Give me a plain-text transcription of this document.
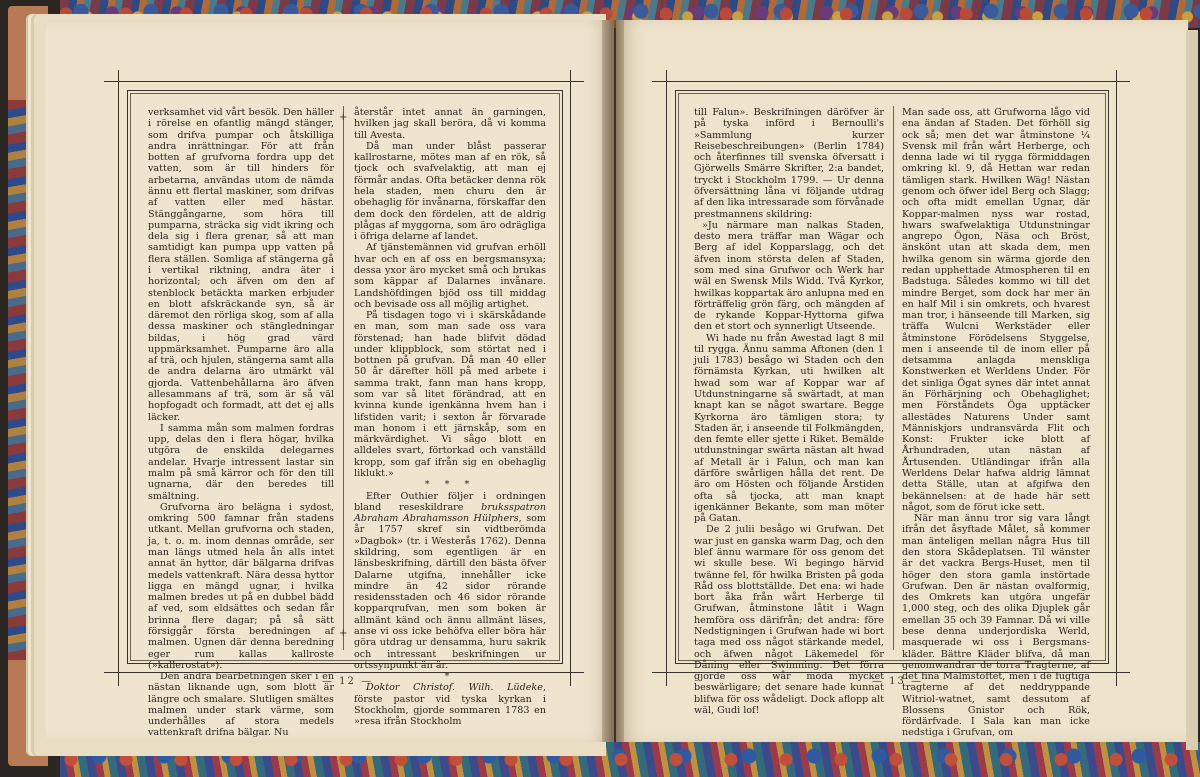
+
+

verksamhet vid vårt besök. Den häller i rörelse en ofantlig mängd stänger, som drifva pumpar och åtskilliga andra inrättningar. För att från botten af grufvorna fordra upp det vatten, som är till hinders för arbetarna, användas utom de nämda ännu ett flertal maskiner, som drifvas af vatten eller med hästar. Stänggångarne, som höra till pumparna, sträcka sig vidt ikring och dela sig i flera grenar, så att man samtidigt kan pumpa upp vatten på flera ställen. Somliga af stängerna gå i vertikal riktning, andra äter i horizontal; och äfven om den af stenblock betäckta marken erbjuder en blott afskräckande syn, så är däremot den rörliga skog, som af alla dessa maskiner och stängledningar bildas, i hög grad värd uppmärksamhet. Pumparne äro alla af trä, och hjulen, stängerna samt alla de andra delarna äro utmärkt väl gjorda. Vattenbehållarna äro äfven allesammans af trä, som är så väl hopfogadt och formadt, att det ej alls läcker.

I samma mån som malmen fordras upp, delas den i flera högar, hvilka utgöra de enskilda delegarnes andelar. Hvarje intressent lastar sin malm på små kärror och för den till ugnarna, där den beredes till smältning.

Grufvorna äro belägna i sydost, omkring 500 famnar från stadens utkant. Mellan grufvorna och staden, ja, t. o. m. inom dennas område, ser man längs utmed hela ån alls intet annat än hyttor, där bälgarna drifvas medels vattenkraft. Nära dessa hyttor ligga en mängd ugnar, i hvilka malmen bredes ut på en dubbel bädd af ved, som eldsättes och sedan får brinna flere dagar; på så sätt försiggår första beredningen af malmen. Ugnen där denna beredning eger rum kallas kallroste (»kallerostat»).

Den andra bearbetningen sker i en nästan liknande ugn, som blott är längre och smalare. Slutligen smältes malmen under stark värme, som underhålles af stora medels vattenkraft drifna bälgar. Nu

återstår intet annat än garningen, hvilken jag skall beröra, då vi komma till Avesta.

Då man under blåst passerar kallrostarne, mötes man af en rök, så tjock och svafvelaktig, att man ej förmår andas. Ofta betäcker denna rök hela staden, men churu den är obehaglig för invånarna, förskaffar den dem dock den fördelen, att de aldrig plågas af myggorna, som äro odrägliga i öfriga delarne af landet.

Af tjänstemännen vid grufvan erhöll hvar och en af oss en bergsmansyxa; dessa yxor äro mycket små och brukas som käppar af Dalarnes invånare. Landshöfdingen bjöd oss till middag och bevisade oss all möjlig artighet.

På tisdagen togo vi i skärskådande en man, som man sade oss vara förstenad; han hade blifvit dödad under klippblock, som störtat ned i bottnen på grufvan. Då man 40 eller 50 år därefter höll på med arbete i samma trakt, fann man hans kropp, som var så litet förändrad, att en kvinna kunde igenkänna hvem han i lifstiden varit; i sexton år förvarade man honom i ett järnskåp, som en märkvärdighet. Vi sågo blott en alldeles svart, förtorkad och vanställd kropp, som gaf ifrån sig en obehaglig liklukt.»

* * *

Efter Outhier följer i ordningen bland reseskildrare bruksspatron Abraham Abrahamsson Hülphers, som år 1757 skref sin vidtberömda »Dagbok» (tr. i Westerås 1762). Denna skildring, som egentligen är en länsbeskrifning, därtill den bästa öfver Dalarne utgifna, innehåller icke mindre än 42 sidor rörande residensstaden och 46 sidor rörande kopparqrufvan, men som boken är allmänt känd och ännu allmänt läses, anse vi oss icke behöfva eller böra här göra utdrag ur densamma, huru sakrik och intressant beskrifningen ur ortssynpunkt än är.

*

Doktor Christof. Wilh. Lüdeke, förste pastor vid tyska kyrkan i Stockholm, gjorde sommaren 1783 en »resa ifrån Stockholm

— 12 —

till Falun». Beskrifningen däröfver är på tyska införd i Bernoulli's »Sammlung kurzer Reisebeschreibungen» (Berlin 1784) och återfinnes till svenska öfversatt i Gjörwells Smärre Skrifter, 2:a bandet, tryckt i Stockholm 1799. — Ur denna öfversättning låna vi följande utdrag af den lika intressarade som förvånade prestmannens skildring:

»Ju närmare man nalkas Staden, desto mera träffar man Wägar och Berg af idel Kopparslagg, och det äfven inom största delen af Staden, som med sina Grufwor och Werk har wäl en Swensk Mils Widd. Två Kyrkor, hwilkas koppartak äro anlupna med en förträffelig grön färg, och mängden af de rykande Koppar-Hyttorna gifwa den et stort och synnerligt Utseende.

Wi hade nu från Awestad lagt 8 mil til rygga. Ännu samma Aftonen (den 1 juli 1783) besågo wi Staden och den förnämsta Kyrkan, uti hwilken alt hwad som war af Koppar war af Utdunstningarne så swärtadt, at man knapt kan se något swartare. Begge Kyrkorna äro tämligen stora; ty Staden är, i anseende til Folkmängden, den femte eller sjette i Riket. Bemälde utdunstningar swärta nästan alt hwad af Metall är i Falun, och man kan därföre swårligen hålla det rent. De äro om Hösten och följande Årstiden ofta så tjocka, att man knapt igenkänner Bekante, som man möter på Gatan.

De 2 julii besågo wi Grufwan. Det war just en ganska warm Dag, och den blef ännu warmare för oss genom det wi skulle bese. Wi begingo härvid twänne fel, för hwilka Bristen på goda Råd oss blottställde. Det ena: wi hade bort åka från wårt Herberge til Grufwan, åtminstone låtit i Wagn hemföra oss därifrån; det andra: före Nedstigningen i Grufwan hade wi bort taga med oss något stärkande medel, och äfwen något Läkemedel för Dåning eller Swimning. Det förra gjorde oss wår möda mycket beswärligare; det senare hade kunnat blifwa för oss wådeligt. Dock aflopp alt wäl, Gudi lof!

Man sade oss, att Grufworna lågo vid ena ändan af Staden. Det förhöll sig ock så; men det war åtminstone ¼ Svensk mil från wårt Herberge, och denna lade wi til rygga förmiddagen omkring kl. 9, då Hettan war redan tämligen stark. Hwilken Wäg! Nästan genom och öfwer idel Berg och Slagg; och ofta midt emellan Ugnar, där Koppar-malmen nyss war rostad, hwars swafwelaktiga Utdunstningar angrepo Ögon, Näsa och Bröst, änskönt utan att skada dem, men hwilka genom sin wärma gjorde den redan upphettade Atmospheren til en Badstuga. Således kommo wi till det mindre Berget, som dock har mer än en half Mil i sin omkrets, och hvarest man tror, i hänseende till Marken, sig träffa Wulcni Werkstäder eller åtminstone Förödelsens Styggelse, men i anseende til de inom eller på detsamma anlagda menskliga Konstwerken et Werldens Under. För det sinliga Ögat synes där intet annat än Förhärjning och Obehaglighet; men Förståndets Öga upptäcker allestädes Naturens Under samt Människjors undransvärda Flit och Konst: Frukter icke blott af Århundraden, utan nästan af Årtusenden. Utländingar ifrån alla Werldens Delar hafwa aldrig lämnat detta Ställe, utan at afgifwa den bekännelsen: at de hade här sett något, som de förut icke sett.

När man ännu tror sig vara långt ifrån det åsyftade Målet, så kommer man änteligen mellan några Hus till den stora Skådeplatsen. Til wänster är det vackra Bergs-Huset, men til höger den stora gamla instörtade Grufwan. Den är nästan ovalformig, des Omkrets kan utgöra ungefär 1,000 steg, och des olika Djuplek går emellan 35 och 39 Famnar. Då wi ville bese denna underjordiska Werld, masquerade wi oss i Bergsmans-kläder. Bättre Kläder blifva, då man genomwandrar de torra Tragterne, af det fina Malmstoftet, men i de fugtiga tragterne af det neddryppande Witriol-watnet, samt dessutom af Blossens Gnistor och Rök, fördärfvade. I Sala kan man icke nedstiga i Grufvan, om

— 13 —
